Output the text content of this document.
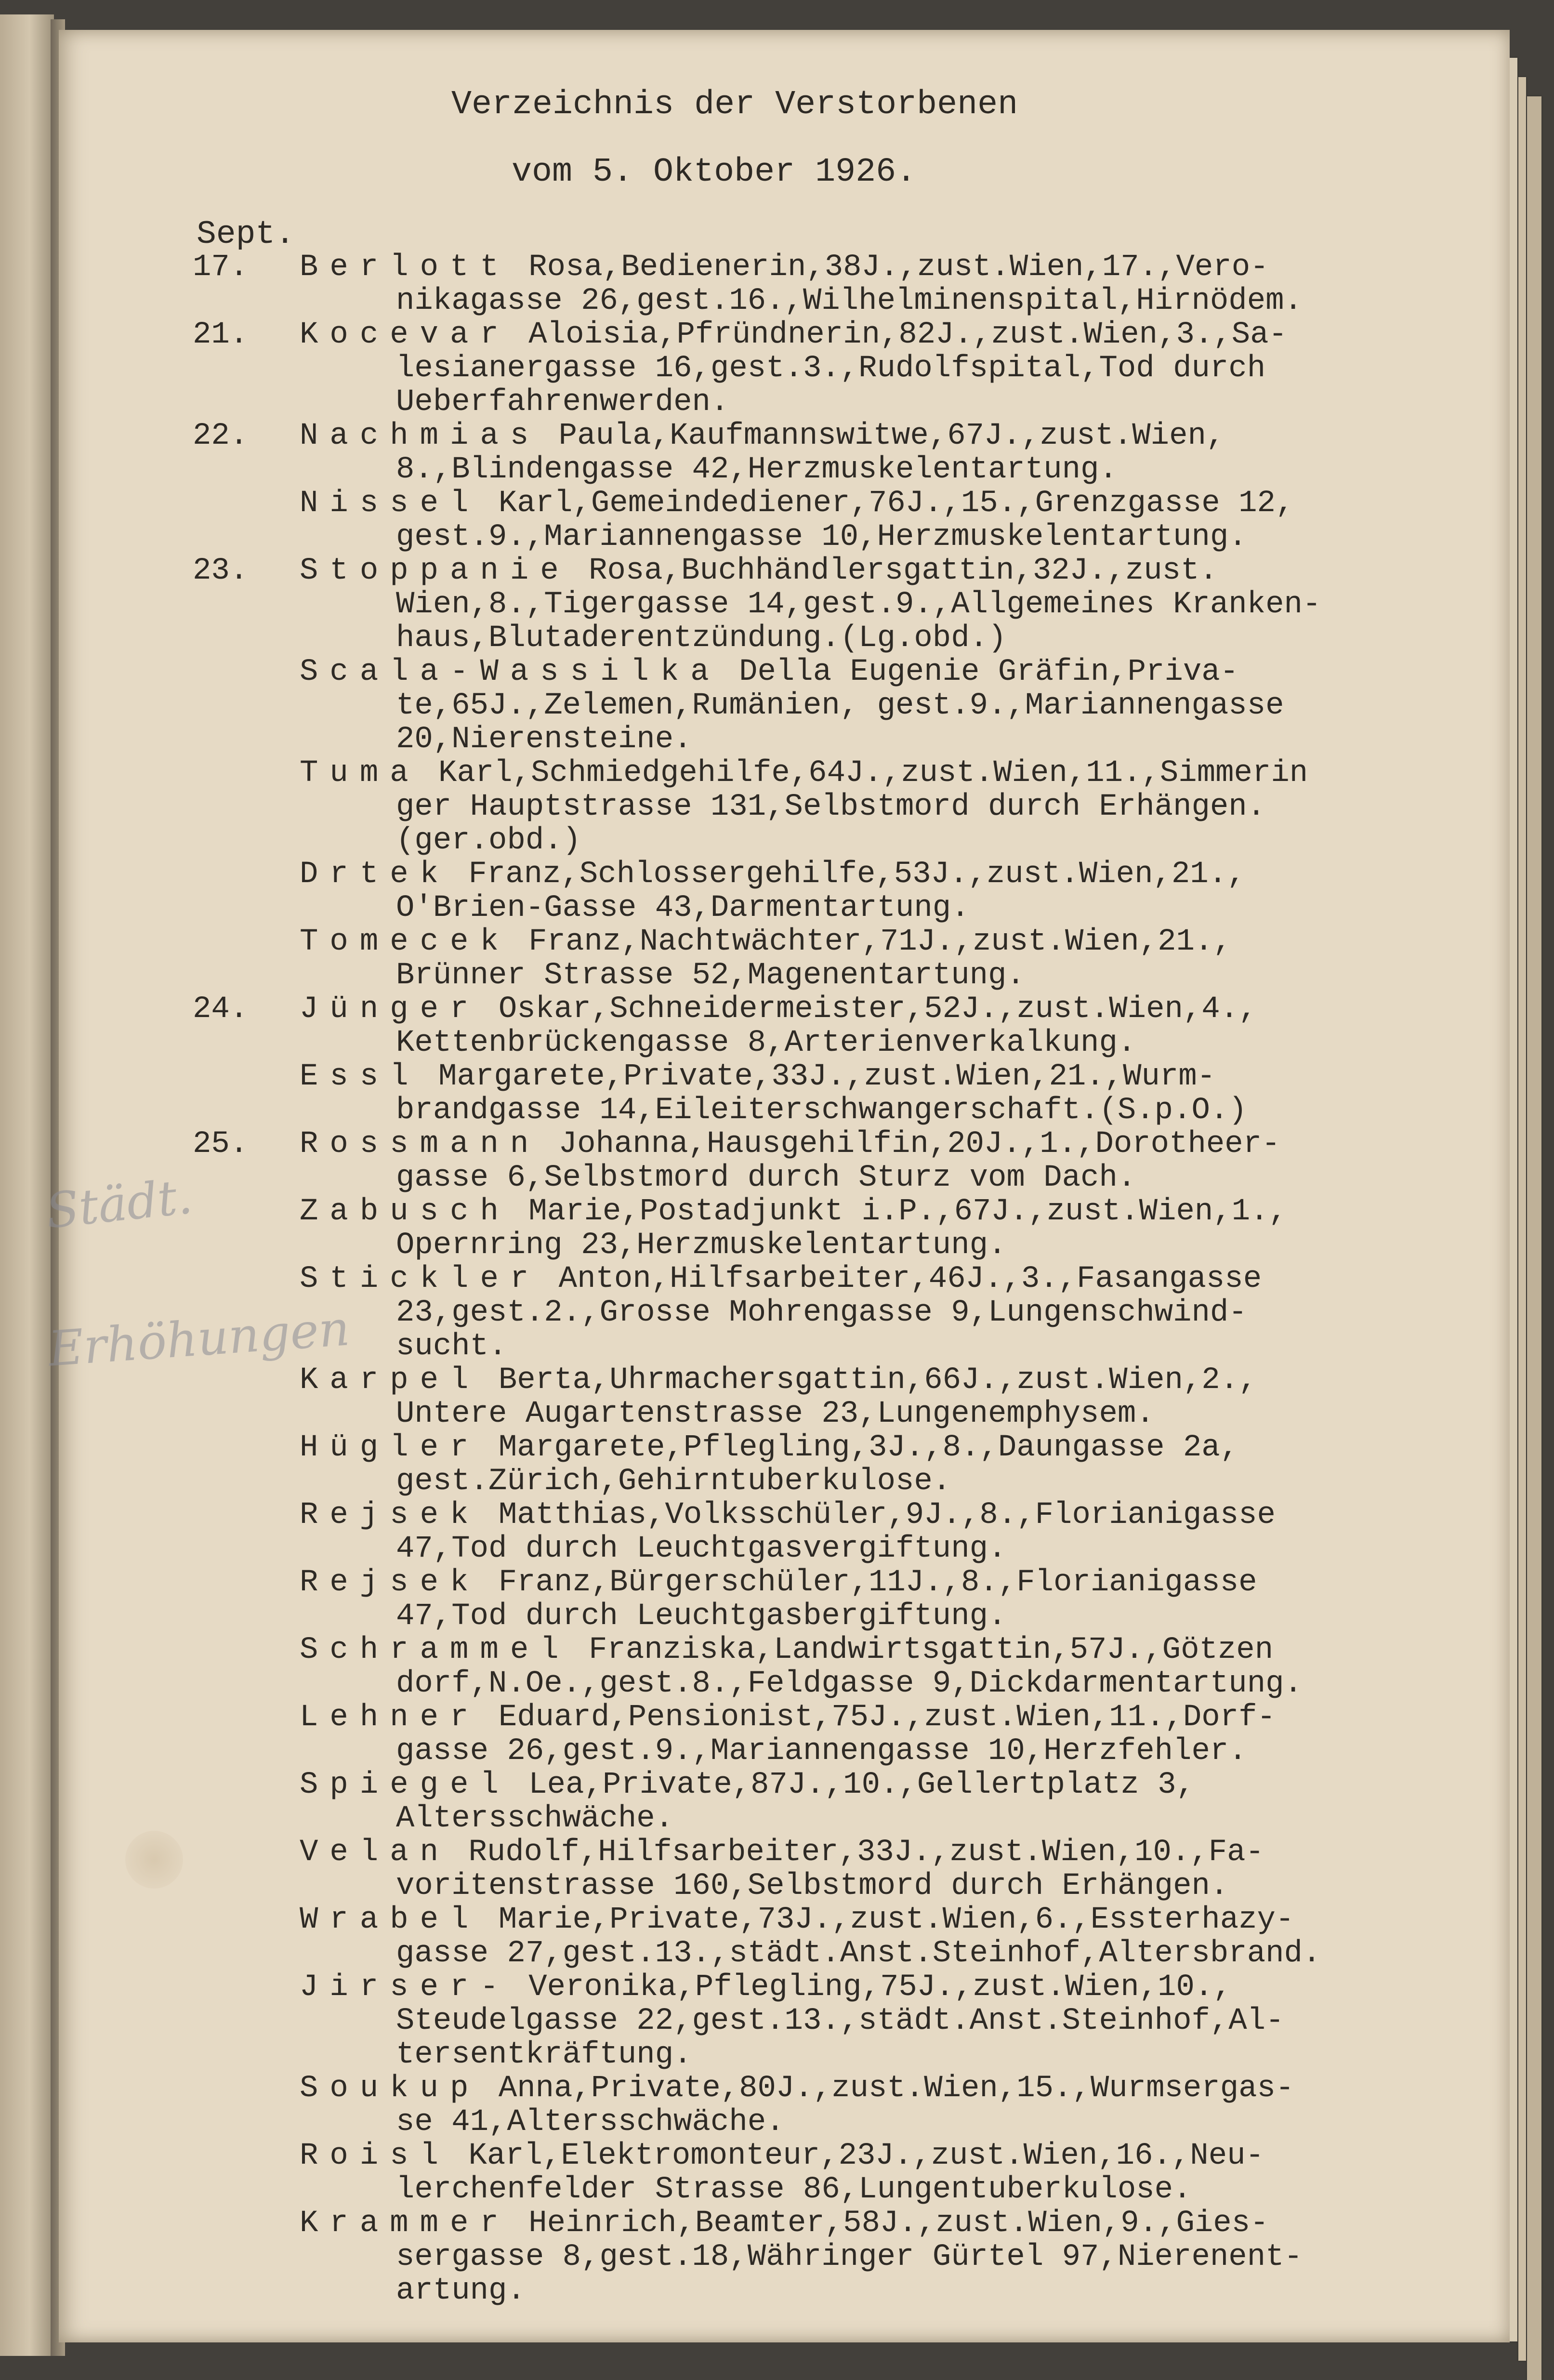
Städt.
Erhöhungen
Verzeichnis der Verstorbenen

vom 5. Oktober 1926.

Sept.
17. Berlott Rosa,Bedienerin,38J.,zust.Wien,17.,Vero-
nikagasse 26,gest.16.,Wilhelminenspital,Hirnödem.
21. Kocevar Aloisia,Pfründnerin,82J.,zust.Wien,3.,Sa-
lesianergasse 16,gest.3.,Rudolfspital,Tod durch
Ueberfahrenwerden.
22. Nachmias Paula,Kaufmannswitwe,67J.,zust.Wien,
8.,Blindengasse 42,Herzmuskelentartung.
Nissel Karl,Gemeindediener,76J.,15.,Grenzgasse 12,
gest.9.,Mariannengasse 10,Herzmuskelentartung.
23. Stoppanie Rosa,Buchhändlersgattin,32J.,zust.
Wien,8.,Tigergasse 14,gest.9.,Allgemeines Kranken-
haus,Blutaderentzündung.(Lg.obd.)
Scala-Wassilka Della Eugenie Gräfin,Priva-
te,65J.,Zelemen,Rumänien, gest.9.,Mariannengasse
20,Nierensteine.
Tuma Karl,Schmiedgehilfe,64J.,zust.Wien,11.,Simmerin
ger Hauptstrasse 131,Selbstmord durch Erhängen.
(ger.obd.)
Drtek Franz,Schlossergehilfe,53J.,zust.Wien,21.,
O'Brien-Gasse 43,Darmentartung.
Tomecek Franz,Nachtwächter,71J.,zust.Wien,21.,
Brünner Strasse 52,Magenentartung.
24. Jünger Oskar,Schneidermeister,52J.,zust.Wien,4.,
Kettenbrückengasse 8,Arterienverkalkung.
Essl Margarete,Private,33J.,zust.Wien,21.,Wurm-
brandgasse 14,Eileiterschwangerschaft.(S.p.O.)
25. Rossmann Johanna,Hausgehilfin,20J.,1.,Dorotheer-
gasse 6,Selbstmord durch Sturz vom Dach.
Zabusch Marie,Postadjunkt i.P.,67J.,zust.Wien,1.,
Opernring 23,Herzmuskelentartung.
Stickler Anton,Hilfsarbeiter,46J.,3.,Fasangasse
23,gest.2.,Grosse Mohrengasse 9,Lungenschwind-
sucht.
Karpel Berta,Uhrmachersgattin,66J.,zust.Wien,2.,
Untere Augartenstrasse 23,Lungenemphysem.
Hügler Margarete,Pflegling,3J.,8.,Daungasse 2a,
gest.Zürich,Gehirntuberkulose.
Rejsek Matthias,Volksschüler,9J.,8.,Florianigasse
47,Tod durch Leuchtgasvergiftung.
Rejsek Franz,Bürgerschüler,11J.,8.,Florianigasse
47,Tod durch Leuchtgasbergiftung.
Schrammel Franziska,Landwirtsgattin,57J.,Götzen
dorf,N.Oe.,gest.8.,Feldgasse 9,Dickdarmentartung.
Lehner Eduard,Pensionist,75J.,zust.Wien,11.,Dorf-
gasse 26,gest.9.,Mariannengasse 10,Herzfehler.
Spiegel Lea,Private,87J.,10.,Gellertplatz 3,
Altersschwäche.
Velan Rudolf,Hilfsarbeiter,33J.,zust.Wien,10.,Fa-
voritenstrasse 160,Selbstmord durch Erhängen.
Wrabel Marie,Private,73J.,zust.Wien,6.,Essterhazy-
gasse 27,gest.13.,städt.Anst.Steinhof,Altersbrand.
Jirser- Veronika,Pflegling,75J.,zust.Wien,10.,
Steudelgasse 22,gest.13.,städt.Anst.Steinhof,Al-
tersentkräftung.
Soukup Anna,Private,80J.,zust.Wien,15.,Wurmsergas-
se 41,Altersschwäche.
Roisl Karl,Elektromonteur,23J.,zust.Wien,16.,Neu-
lerchenfelder Strasse 86,Lungentuberkulose.
Krammer Heinrich,Beamter,58J.,zust.Wien,9.,Gies-
sergasse 8,gest.18,Währinger Gürtel 97,Nierenent-
artung.
